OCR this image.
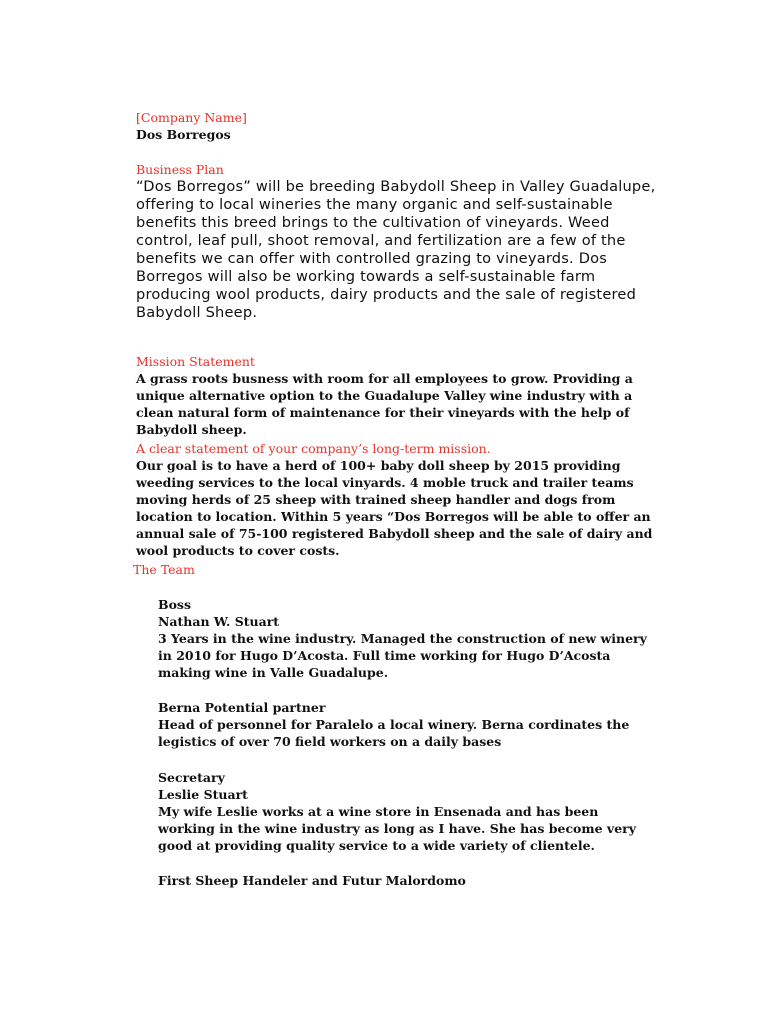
[Company Name]

Dos Borregos

Business Plan

“Dos Borregos” will be breeding Babydoll Sheep in Valley Guadalupe, offering to local wineries the many organic and self-sustainable benefits this breed brings to the cultivation of vineyards. Weed control, leaf pull, shoot removal, and fertilization are a few of the benefits we can offer with controlled grazing to vineyards. Dos Borregos will also be working towards a self-sustainable farm producing wool products, dairy products and the sale of registered Babydoll Sheep.

Mission Statement

A grass roots busness with room for all employees to grow. Providing a unique alternative option to the Guadalupe Valley wine industry with a clean natural form of maintenance for their vineyards with the help of Babydoll sheep.

A clear statement of your company’s long-term mission.

Our goal is to have a herd of 100+ baby doll sheep by 2015 providing weeding services to the local vinyards. 4 moble truck and trailer teams moving herds of 25 sheep with trained sheep handler and dogs from location to location. Within 5 years “Dos Borregos will be able to offer an annual sale of 75-100 registered Babydoll sheep and the sale of dairy and wool products to cover costs.

The Team

Boss

Nathan W. Stuart

3 Years in the wine industry. Managed the construction of new winery in 2010 for Hugo D’Acosta. Full time working for Hugo D’Acosta making wine in Valle Guadalupe.

Berna Potential partner

Head of personnel for Paralelo a local winery. Berna cordinates the legistics of over 70 field workers on a daily bases

Secretary

Leslie Stuart

My wife Leslie works at a wine store in Ensenada and has been working in the wine industry as long as I have. She has become very good at providing quality service to a wide variety of clientele.

First Sheep Handeler and Futur Malordomo
